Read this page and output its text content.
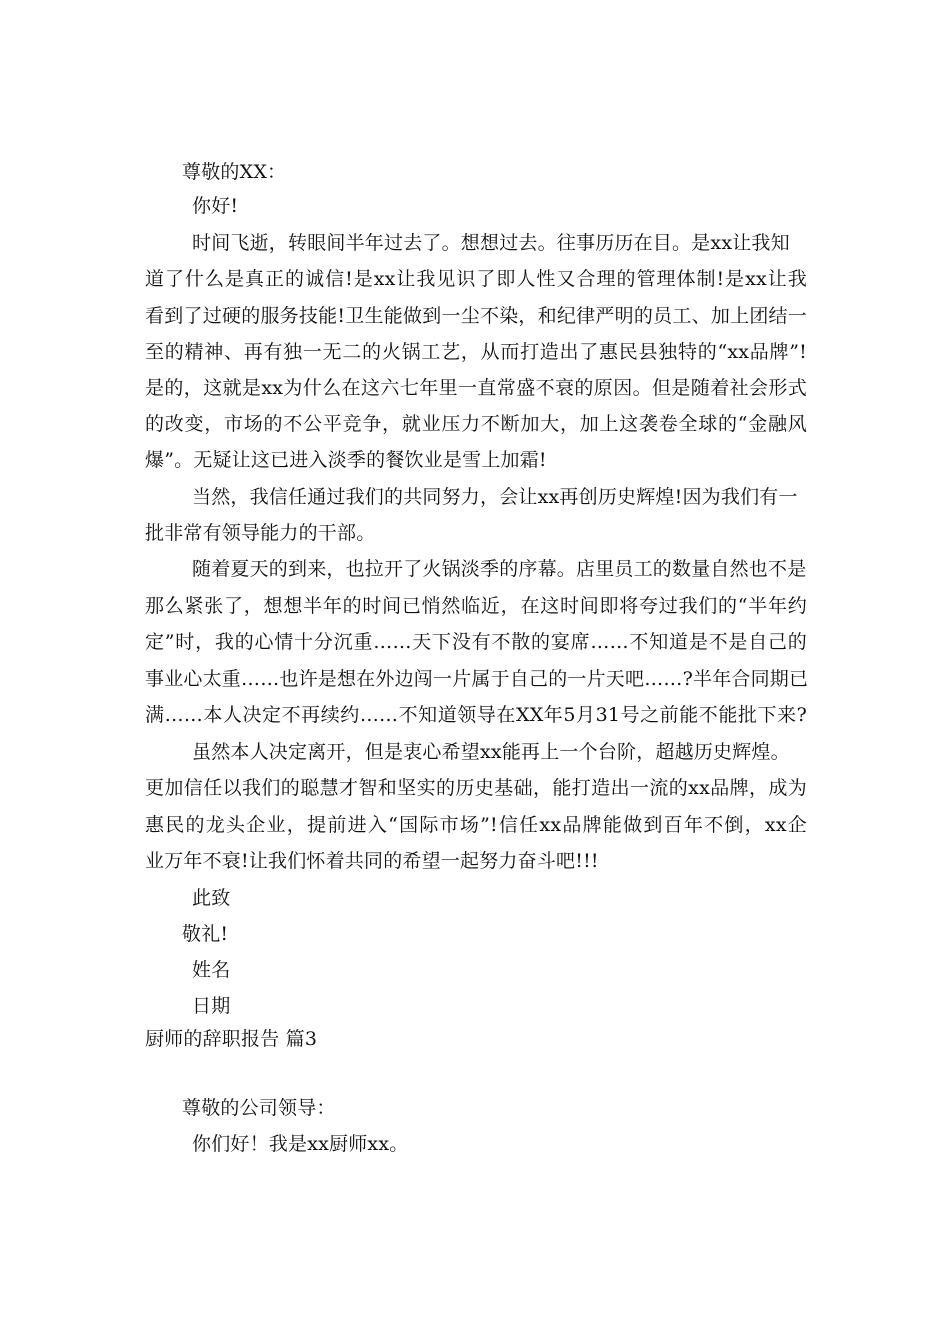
尊敬的XX：
你好!
时间飞逝，转眼间半年过去了。想想过去。往事历历在目。是xx让我知
道了什么是真正的诚信!是xx让我见识了即人性又合理的管理体制!是xx让我
看到了过硬的服务技能!卫生能做到一尘不染，和纪律严明的员工、加上团结一
至的精神、再有独一无二的火锅工艺，从而打造出了惠民县独特的“xx品牌”!
是的，这就是xx为什么在这六七年里一直常盛不衰的原因。但是随着社会形式
的改变，市场的不公平竞争，就业压力不断加大，加上这袭卷全球的“金融风
爆”。无疑让这已进入淡季的餐饮业是雪上加霜!
当然，我信任通过我们的共同努力，会让xx再创历史辉煌!因为我们有一
批非常有领导能力的干部。
随着夏天的到来，也拉开了火锅淡季的序幕。店里员工的数量自然也不是
那么紧张了，想想半年的时间已悄然临近，在这时间即将夸过我们的“半年约
定”时，我的心情十分沉重……天下没有不散的宴席……不知道是不是自己的
事业心太重……也许是想在外边闯一片属于自己的一片天吧……?半年合同期已
满……本人决定不再续约……不知道领导在XX年5月31号之前能不能批下来?
虽然本人决定离开，但是衷心希望xx能再上一个台阶，超越历史辉煌。
更加信任以我们的聪慧才智和坚实的历史基础，能打造出一流的xx品牌，成为
惠民的龙头企业，提前进入“国际市场”!信任xx品牌能做到百年不倒，xx企
业万年不衰!让我们怀着共同的希望一起努力奋斗吧!!!
此致
敬礼!
姓名
日期
厨师的辞职报告 篇3
尊敬的公司领导：
你们好！我是xx厨师xx。
